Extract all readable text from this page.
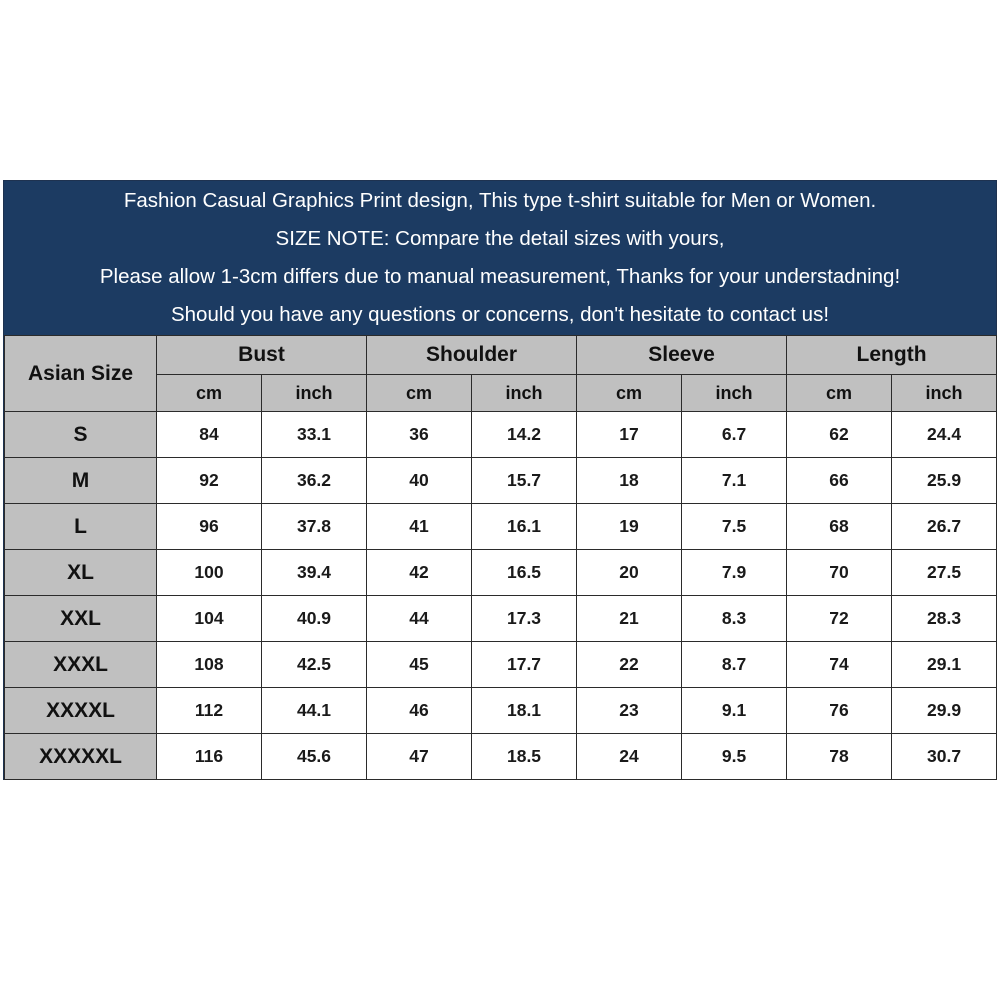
Fashion Casual Graphics Print design, This type t-shirt suitable for Men or Women.
SIZE NOTE: Compare the detail sizes with yours,
Please allow 1-3cm differs due to manual measurement, Thanks for your understadning!
Should you have any questions or concerns, don't hesitate to contact us!
Asian Size	Bust		Shoulder		Sleeve		Length	
	cm	inch	cm	inch	cm	inch	cm	inch
S	84	33.1	36	14.2	17	6.7	62	24.4
M	92	36.2	40	15.7	18	7.1	66	25.9
L	96	37.8	41	16.1	19	7.5	68	26.7
XL	100	39.4	42	16.5	20	7.9	70	27.5
XXL	104	40.9	44	17.3	21	8.3	72	28.3
XXXL	108	42.5	45	17.7	22	8.7	74	29.1
XXXXL	112	44.1	46	18.1	23	9.1	76	29.9
XXXXXL	116	45.6	47	18.5	24	9.5	78	30.7
